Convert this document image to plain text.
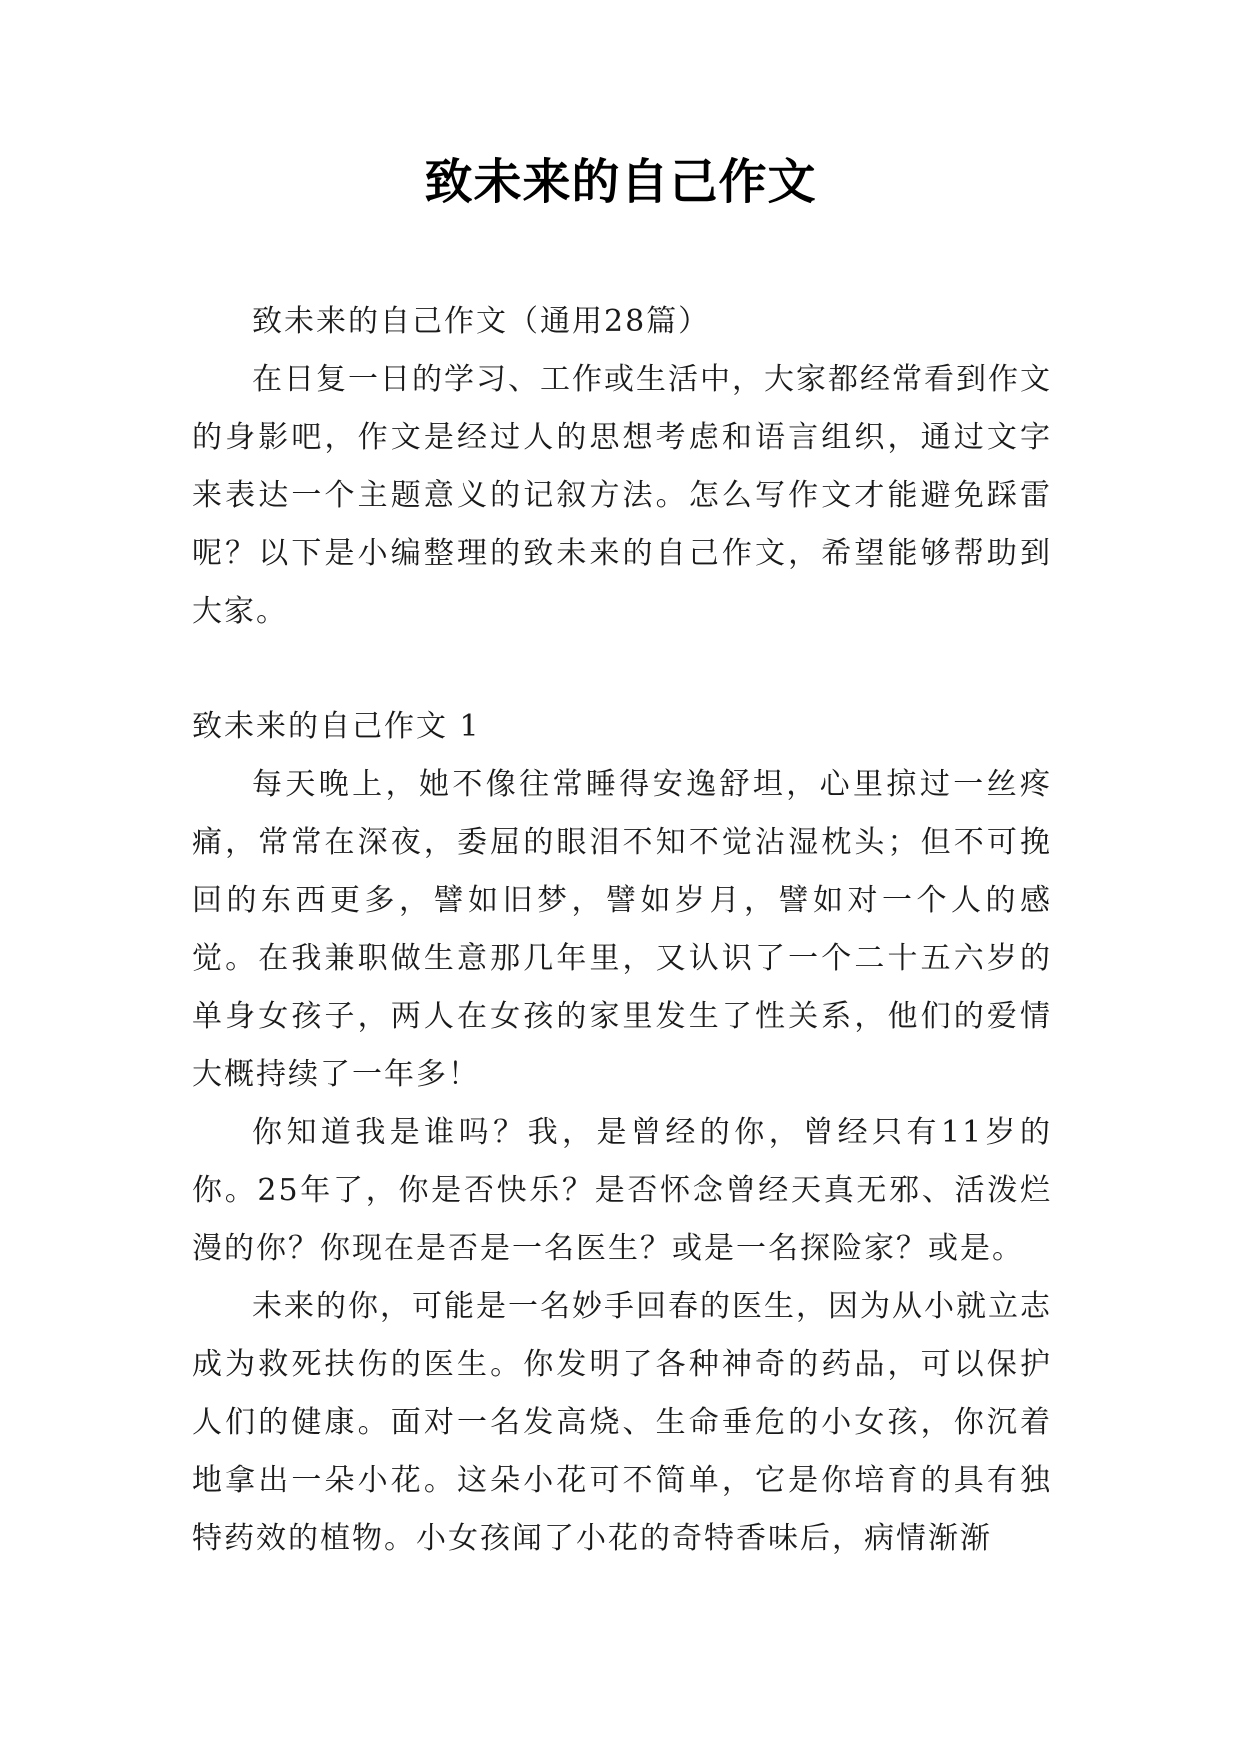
致未来的自己作文

致未来的自己作文（通用28篇）

在日复一日的学习、工作或生活中，大家都经常看到作文的身影吧，作文是经过人的思想考虑和语言组织，通过文字来表达一个主题意义的记叙方法。怎么写作文才能避免踩雷呢？以下是小编整理的致未来的自己作文，希望能够帮助到大家。

致未来的自己作文 1

每天晚上，她不像往常睡得安逸舒坦，心里掠过一丝疼痛，常常在深夜，委屈的眼泪不知不觉沾湿枕头；但不可挽回的东西更多，譬如旧梦，譬如岁月，譬如对一个人的感觉。在我兼职做生意那几年里，又认识了一个二十五六岁的单身女孩子，两人在女孩的家里发生了性关系，他们的爱情大概持续了一年多！

你知道我是谁吗？我，是曾经的你，曾经只有11岁的你。25年了，你是否快乐？是否怀念曾经天真无邪、活泼烂漫的你？你现在是否是一名医生？或是一名探险家？或是。

未来的你，可能是一名妙手回春的医生，因为从小就立志成为救死扶伤的医生。你发明了各种神奇的药品，可以保护人们的健康。面对一名发高烧、生命垂危的小女孩，你沉着地拿出一朵小花。这朵小花可不简单，它是你培育的具有独特药效的植物。小女孩闻了小花的奇特香味后，病情渐渐
